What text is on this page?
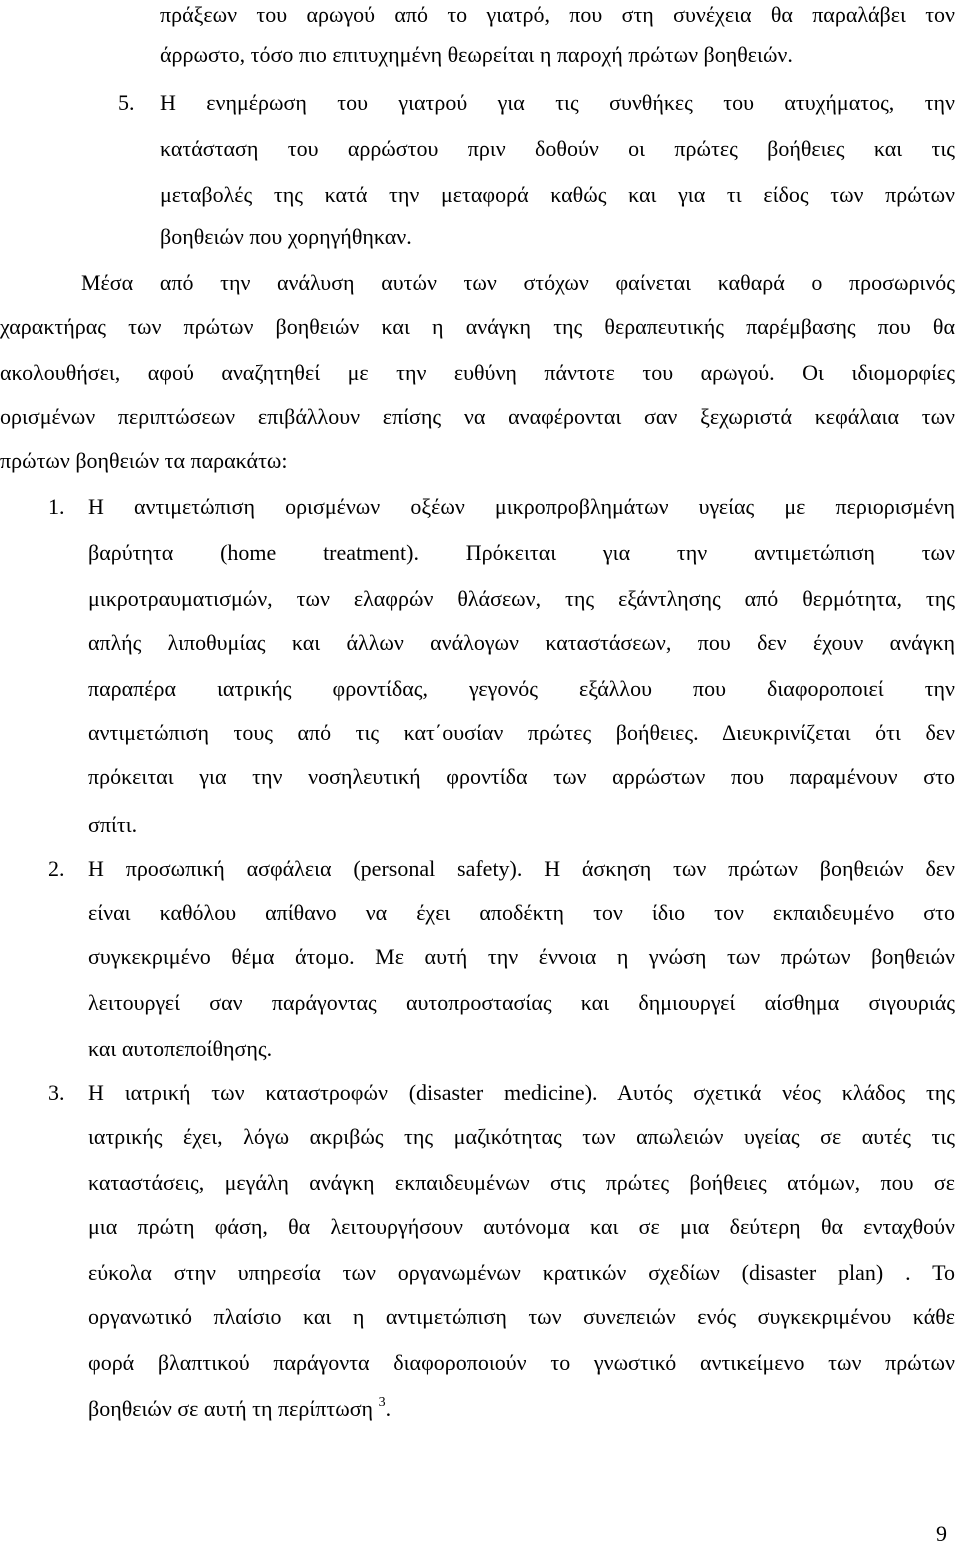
πράξεων του αρωγού από το γιατρό, που στη συνέχεια θα παραλάβει τον
άρρωστο, τόσο πιο επιτυχημένη θεωρείται η παροχή πρώτων βοηθειών.
5. Η ενημέρωση του γιατρού για τις συνθήκες του ατυχήματος, την
κατάσταση του αρρώστου πριν δοθούν οι πρώτες βοήθειες και τις
μεταβολές της κατά την μεταφορά καθώς και για τι είδος των πρώτων
βοηθειών που χορηγήθηκαν.
Μέσα από την ανάλυση αυτών των στόχων φαίνεται καθαρά ο προσωρινός
χαρακτήρας των πρώτων βοηθειών και η ανάγκη της θεραπευτικής παρέμβασης που θα
ακολουθήσει, αφού αναζητηθεί με την ευθύνη πάντοτε του αρωγού. Οι ιδιομορφίες
ορισμένων περιπτώσεων επιβάλλουν επίσης να αναφέρονται σαν ξεχωριστά κεφάλαια των
πρώτων βοηθειών τα παρακάτω:
1. Η αντιμετώπιση ορισμένων οξέων μικροπροβλημάτων υγείας με περιορισμένη
βαρύτητα (home treatment). Πρόκειται για την αντιμετώπιση των
μικροτραυματισμών, των ελαφρών θλάσεων, της εξάντλησης από θερμότητα, της
απλής λιποθυμίας και άλλων ανάλογων καταστάσεων, που δεν έχουν ανάγκη
παραπέρα ιατρικής φροντίδας, γεγονός εξάλλου που διαφοροποιεί την
αντιμετώπιση τους από τις κατ΄ουσίαν πρώτες βοήθειες. Διευκρινίζεται ότι δεν
πρόκειται για την νοσηλευτική φροντίδα των αρρώστων που παραμένουν στο
σπίτι.
2. Η προσωπική ασφάλεια (personal safety). Η άσκηση των πρώτων βοηθειών δεν
είναι καθόλου απίθανο να έχει αποδέκτη τον ίδιο τον εκπαιδευμένο στο
συγκεκριμένο θέμα άτομο. Με αυτή την έννοια η γνώση των πρώτων βοηθειών
λειτουργεί σαν παράγοντας αυτοπροστασίας και δημιουργεί αίσθημα σιγουριάς
και αυτοπεποίθησης.
3. Η ιατρική των καταστροφών (disaster medicine). Αυτός σχετικά νέος κλάδος της
ιατρικής έχει, λόγω ακριβώς της μαζικότητας των απωλειών υγείας σε αυτές τις
καταστάσεις, μεγάλη ανάγκη εκπαιδευμένων στις πρώτες βοήθειες ατόμων, που σε
μια πρώτη φάση, θα λειτουργήσουν αυτόνομα και σε μια δεύτερη θα ενταχθούν
εύκολα στην υπηρεσία των οργανωμένων κρατικών σχεδίων (disaster plan) . Το
οργανωτικό πλαίσιο και η αντιμετώπιση των συνεπειών ενός συγκεκριμένου κάθε
φορά βλαπτικού παράγοντα διαφοροποιούν το γνωστικό αντικείμενο των πρώτων
βοηθειών σε αυτή τη περίπτωση $^3$.
9
